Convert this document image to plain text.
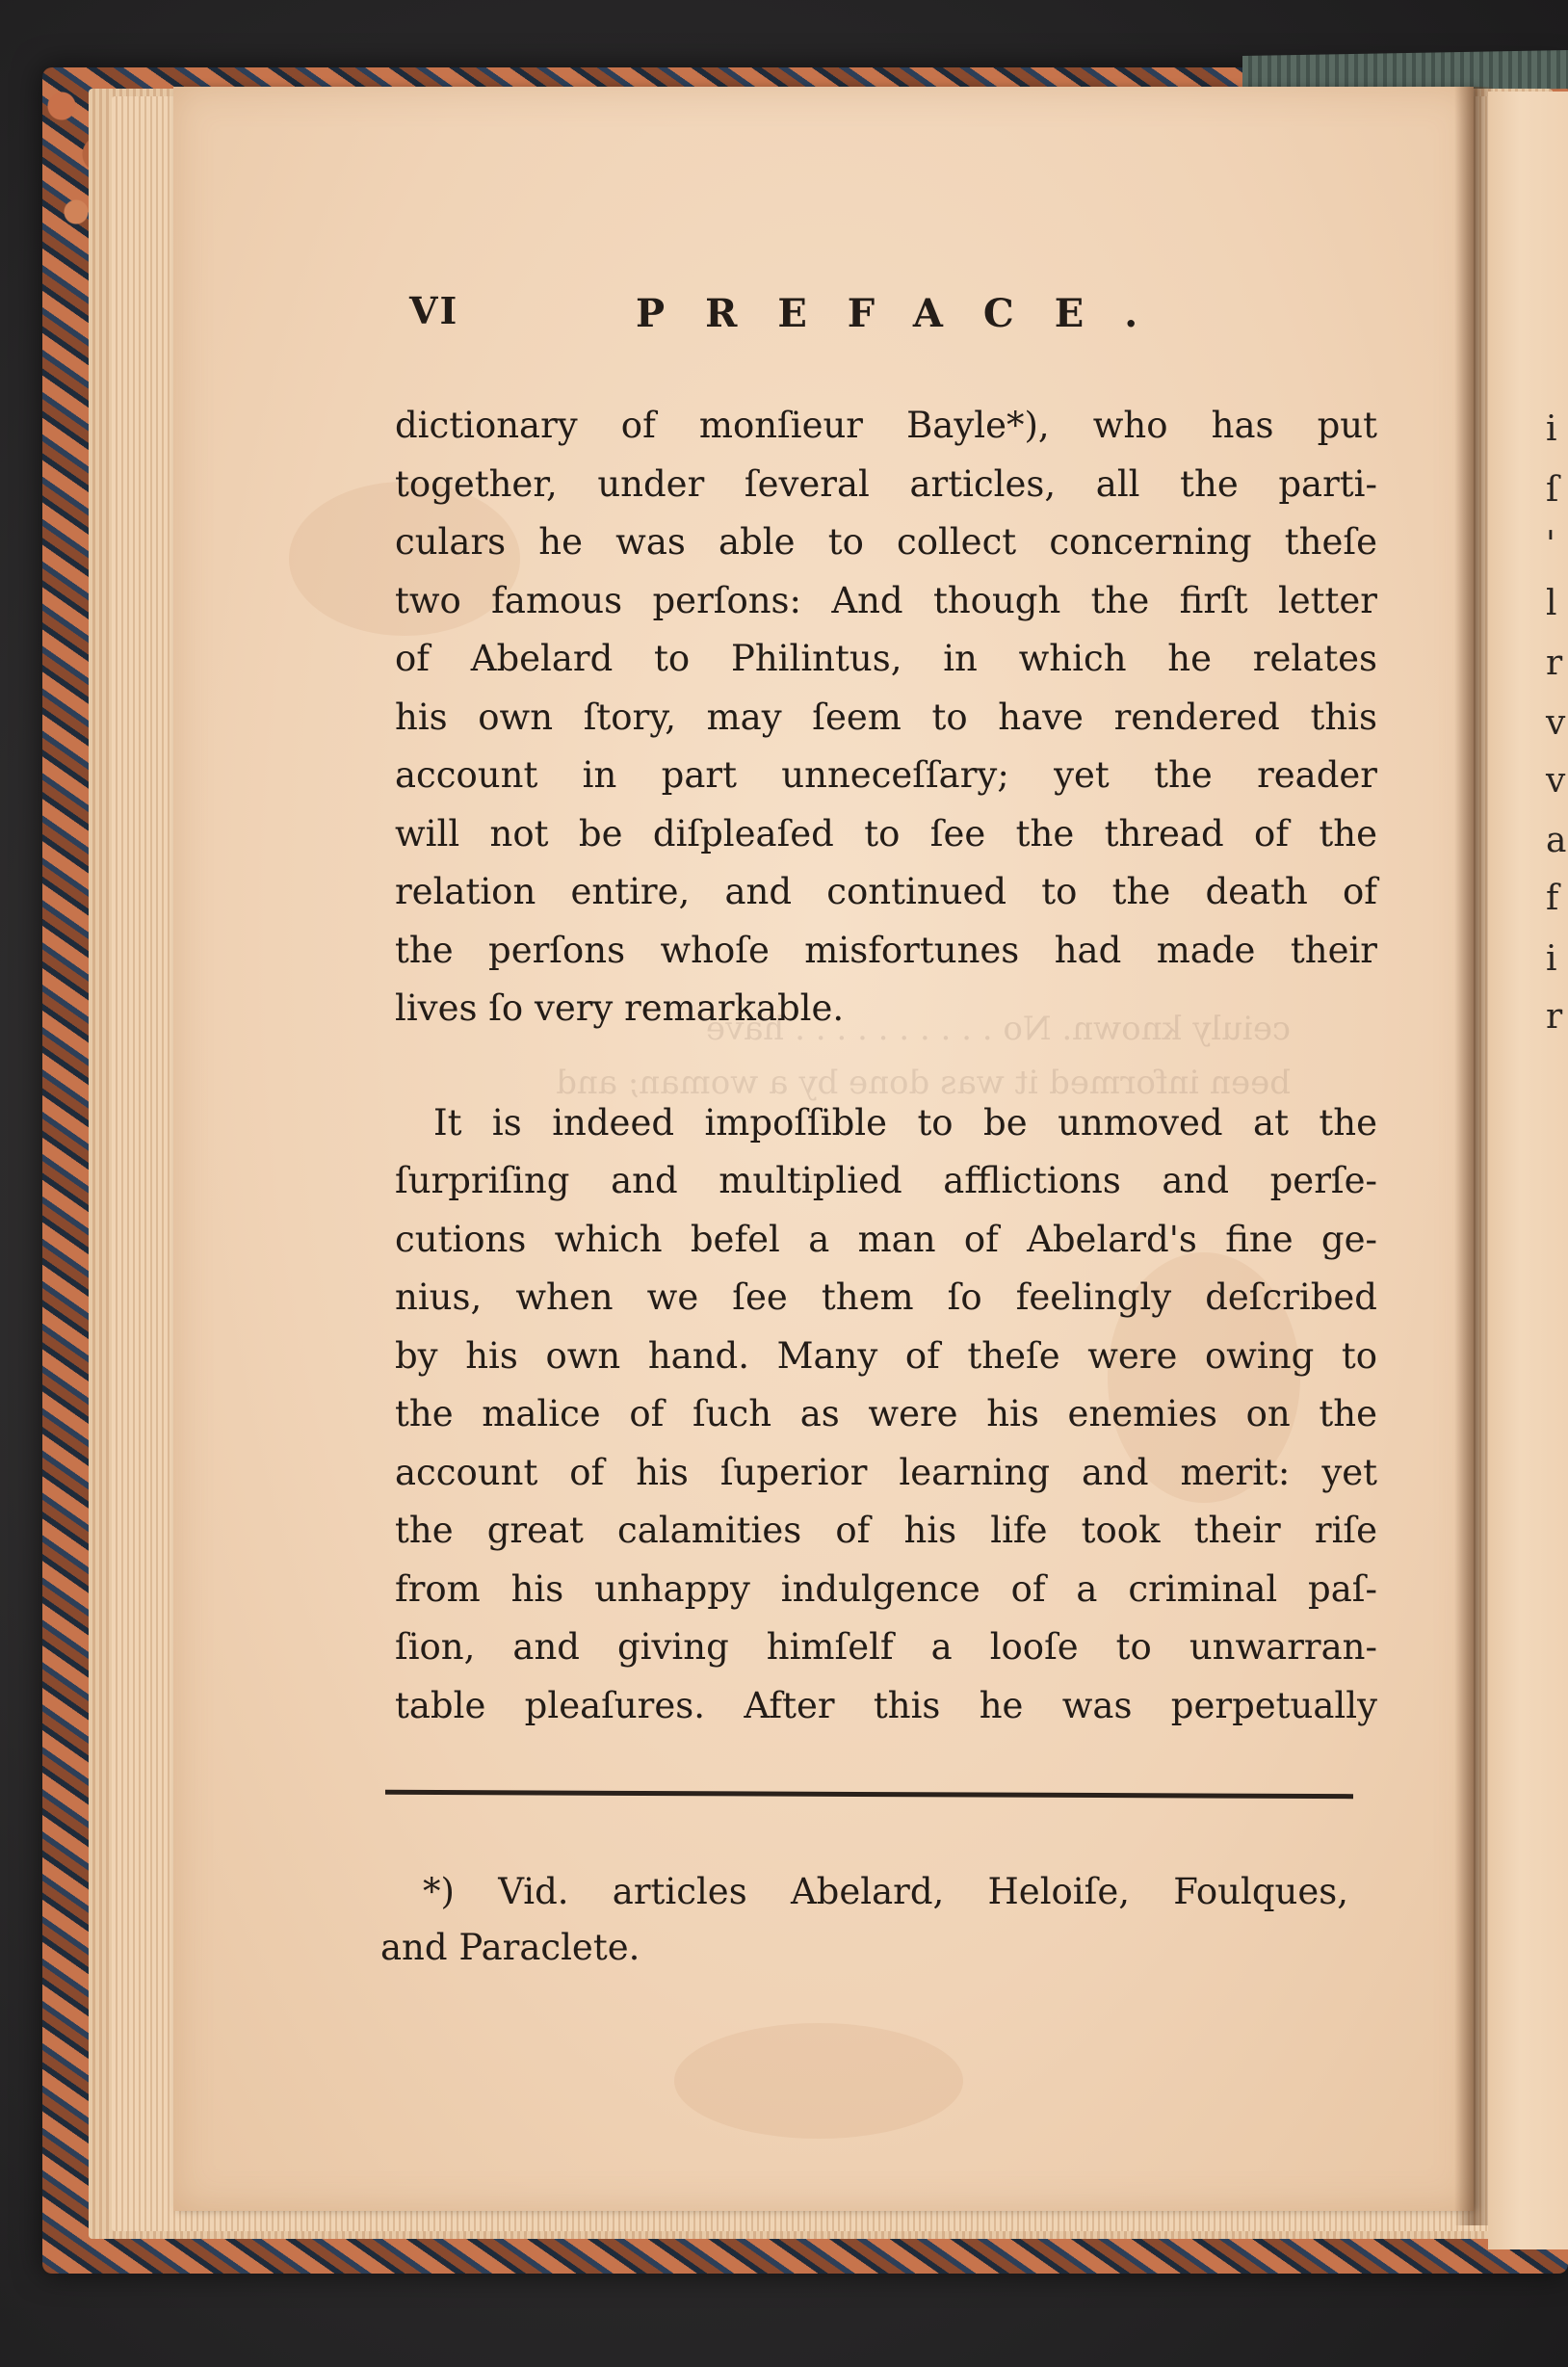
ceiuly known. No . . . . . . . . . . have
been informed it was done by a woman; and
i
ſ
'
l
r
v
v
a
f
i
r
VI	PREFACE.
dictionary of monſieur Bayle*), who has put
together, under ſeveral articles, all the parti-
culars he was able to collect concerning theſe
two famous perſons: And though the firſt letter
of Abelard to Philintus, in which he relates
his own ſtory, may ſeem to have rendered this
account in part unneceſſary; yet the reader
will not be diſpleaſed to ſee the thread of the
relation entire, and continued to the death of
the perſons whoſe misfortunes had made their
lives ſo very remarkable.
It is indeed impoſſible to be unmoved at the
ſurpriſing and multiplied afflictions and perſe-
cutions which befel a man of Abelard's fine ge-
nius, when we ſee them ſo feelingly deſcribed
by his own hand. Many of theſe were owing to
the malice of ſuch as were his enemies on the
account of his ſuperior learning and merit: yet
the great calamities of his life took their riſe
from his unhappy indulgence of a criminal paſ-
ſion, and giving himſelf a looſe to unwarran-
table pleaſures. After this he was perpetually
*) Vid. articles Abelard, Heloiſe, Foulques,
and Paraclete.
